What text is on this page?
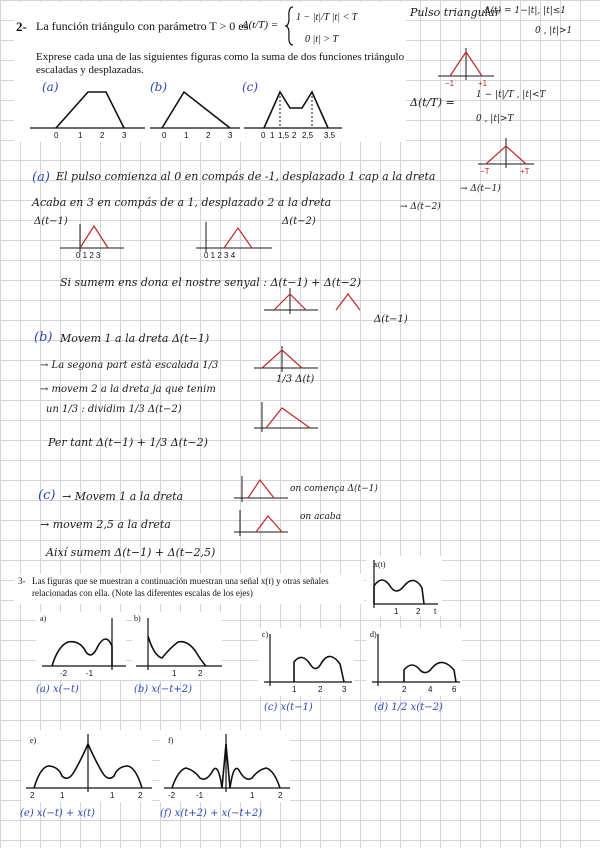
2- La función triángulo con parámetro T > 0 es
Δ(t/T) =
1 − |t|/T |t| < T
0 |t| > T
Exprese cada una de las siguientes figuras como la suma de dos funciones triángulo
escaladas y desplazadas.
(a)
0 1 2 3
(b)
0 1 2 3
(c)
0 1 1,5 2 2,5 3.5
Pulso triangular
Δ(t) = 1−|t|, |t|≤1
0 , |t|>1
−1	+1
Δ(t/T) =
1 − |t|/T , |t|<T
0 , |t|>T
−T	+T
(a) El pulso comienza al 0 en compás de -1, desplazado 1 cap a la dreta
Acaba en 3 en compás de a 1, desplazado 2 a la dreta
→ Δ(t−1)
→ Δ(t−2)
Δ(t−1)	Δ(t−2)
0 1 2 3	0 1 2 3 4
Si sumem ens dona el nostre senyal : Δ(t−1) + Δ(t−2)
Δ(t−1)
(b) Movem 1 a la dreta Δ(t−1)
→ La segona part està escalada 1/3
1/3 Δ(t)
→ movem 2 a la dreta ja que tenim
un 1/3 : dividim 1/3 Δ(t−2)
Per tant Δ(t−1) + 1/3 Δ(t−2)
(c) → Movem 1 a la dreta
on comença Δ(t−1)
→ movem 2,5 a la dreta
on acaba
Així sumem Δ(t−1) + Δ(t−2,5)
3- Las figuras que se muestran a continuación muestran una señal x(t) y otras señales
relacionadas con ella. (Note las diferentes escalas de los ejes)
x(t)
1 2 t
a)
-2 -1
(a) x(−t)
b)
1	2
(b) x(−t+2)
c)
1	2 3
(c) x(t−1)
d)
2	4 6
(d) 1/2 x(t−2)
e)
2	1	1	2
(e) x(−t) + x(t)
f)
-2	-1	1	2
(f) x(t+2) + x(−t+2)
